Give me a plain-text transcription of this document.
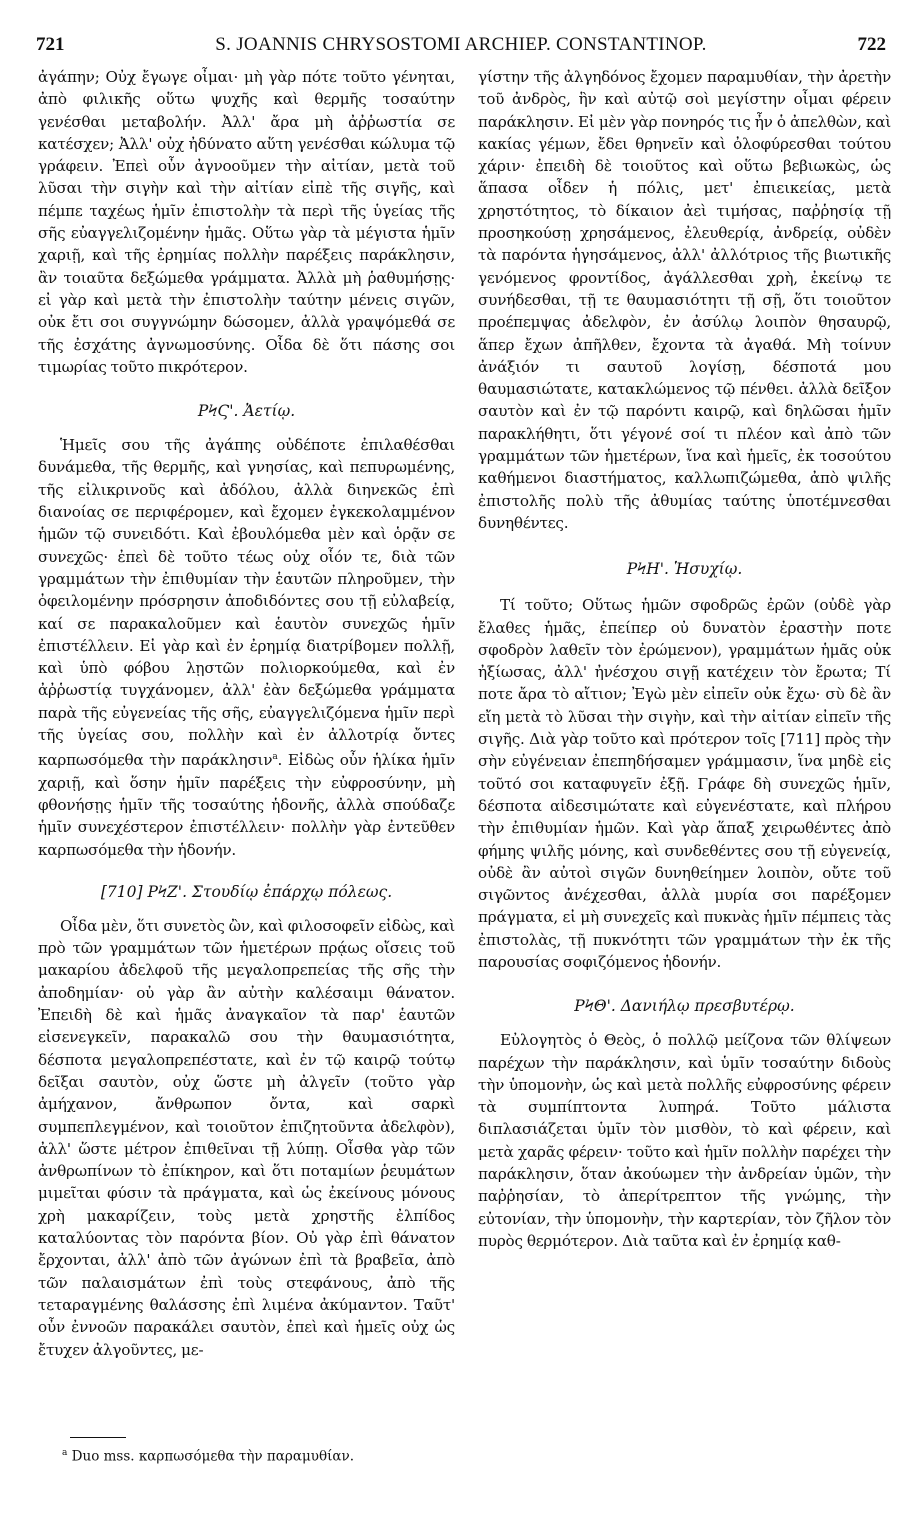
721	S. JOANNIS CHRYSOSTOMI ARCHIEP. CONSTANTINOP.	722

ἀγάπην; Οὐχ ἔγωγε οἶμαι· μὴ γὰρ πότε τοῦτο γένηται, ἀπὸ φιλικῆς οὕτω ψυχῆς καὶ θερμῆς τοσαύτην γενέσθαι μεταβολήν. Ἀλλ' ἄρα μὴ ἀῤῥωστία σε κατέσχεν; Ἀλλ' οὐχ ἠδύνατο αὕτη γενέσθαι κώλυμα τῷ γράφειν. Ἐπεὶ οὖν ἀγνοοῦμεν τὴν αἰτίαν, μετὰ τοῦ λῦσαι τὴν σιγὴν καὶ τὴν αἰτίαν εἰπὲ τῆς σιγῆς, καὶ πέμπε ταχέως ἡμῖν ἐπιστολὴν τὰ περὶ τῆς ὑγείας τῆς σῆς εὐαγγελιζομένην ἡμᾶς. Οὕτω γὰρ τὰ μέγιστα ἡμῖν χαριῇ, καὶ τῆς ἐρημίας πολλὴν παρέξεις παράκλησιν, ἂν τοιαῦτα δεξώμεθα γράμματα. Ἀλλὰ μὴ ῥαθυμήσῃς· εἰ γὰρ καὶ μετὰ τὴν ἐπιστολὴν ταύτην μένεις σιγῶν, οὐκ ἔτι σοι συγγνώμην δώσομεν, ἀλλὰ γραψόμεθά σε τῆς ἐσχάτης ἀγνωμοσύνης. Οἶδα δὲ ὅτι πάσης σοι τιμωρίας τοῦτο πικρότερον.

ΡϞϚ'. Ἀετίῳ.

Ἡμεῖς σου τῆς ἀγάπης οὐδέποτε ἐπιλαθέσθαι δυνάμεθα, τῆς θερμῆς, καὶ γνησίας, καὶ πεπυρωμένης, τῆς εἰλικρινοῦς καὶ ἀδόλου, ἀλλὰ διηνεκῶς ἐπὶ διανοίας σε περιφέρομεν, καὶ ἔχομεν ἐγκεκολαμμένον ἡμῶν τῷ συνειδότι. Καὶ ἐβουλόμεθα μὲν καὶ ὁρᾷν σε συνεχῶς· ἐπεὶ δὲ τοῦτο τέως οὐχ οἷόν τε, διὰ τῶν γραμμάτων τὴν ἐπιθυμίαν τὴν ἑαυτῶν πληροῦμεν, τὴν ὀφειλομένην πρόσρησιν ἀποδιδόντες σου τῇ εὐλαβείᾳ, καί σε παρακαλοῦμεν καὶ ἑαυτὸν συνεχῶς ἡμῖν ἐπιστέλλειν. Εἰ γὰρ καὶ ἐν ἐρημίᾳ διατρίβομεν πολλῇ, καὶ ὑπὸ φόβου λῃστῶν πολιορκούμεθα, καὶ ἐν ἀῤῥωστίᾳ τυγχάνομεν, ἀλλ' ἐὰν δεξώμεθα γράμματα παρὰ τῆς εὐγενείας τῆς σῆς, εὐαγγελιζόμενα ἡμῖν περὶ τῆς ὑγείας σου, πολλὴν καὶ ἐν ἀλλοτρίᾳ ὄντες καρπωσόμεθα τὴν παράκλησιν$^a$. Εἰδὼς οὖν ἡλίκα ἡμῖν χαριῇ, καὶ ὅσην ἡμῖν παρέξεις τὴν εὐφροσύνην, μὴ φθονήσῃς ἡμῖν τῆς τοσαύτης ἡδονῆς, ἀλλὰ σπούδαζε ἡμῖν συνεχέστερον ἐπιστέλλειν· πολλὴν γὰρ ἐντεῦθεν καρπωσόμεθα τὴν ἡδονήν.

[710] ΡϞΖ'. Στουδίῳ ἐπάρχῳ πόλεως.

Οἶδα μὲν, ὅτι συνετὸς ὢν, καὶ φιλοσοφεῖν εἰδὼς, καὶ πρὸ τῶν γραμμάτων τῶν ἡμετέρων πρᾴως οἴσεις τοῦ μακαρίου ἀδελφοῦ τῆς μεγαλοπρεπείας τῆς σῆς τὴν ἀποδημίαν· οὐ γὰρ ἂν αὐτὴν καλέσαιμι θάνατον. Ἐπειδὴ δὲ καὶ ἡμᾶς ἀναγκαῖον τὰ παρ' ἑαυτῶν εἰσενεγκεῖν, παρακαλῶ σου τὴν θαυμασιότητα, δέσποτα μεγαλοπρεπέστατε, καὶ ἐν τῷ καιρῷ τούτῳ δεῖξαι σαυτὸν, οὐχ ὥστε μὴ ἀλγεῖν (τοῦτο γὰρ ἀμήχανον, ἄνθρωπον ὄντα, καὶ σαρκὶ συμπεπλεγμένον, καὶ τοιοῦτον ἐπιζητοῦντα ἀδελφὸν), ἀλλ' ὥστε μέτρον ἐπιθεῖναι τῇ λύπῃ. Οἶσθα γὰρ τῶν ἀνθρωπίνων τὸ ἐπίκηρον, καὶ ὅτι ποταμίων ῥευμάτων μιμεῖται φύσιν τὰ πράγματα, καὶ ὡς ἐκείνους μόνους χρὴ μακαρίζειν, τοὺς μετὰ χρηστῆς ἐλπίδος καταλύοντας τὸν παρόντα βίον. Οὐ γὰρ ἐπὶ θάνατον ἔρχονται, ἀλλ' ἀπὸ τῶν ἀγώνων ἐπὶ τὰ βραβεῖα, ἀπὸ τῶν παλαισμάτων ἐπὶ τοὺς στεφάνους, ἀπὸ τῆς τεταραγμένης θαλάσσης ἐπὶ λιμένα ἀκύμαντον. Ταῦτ' οὖν ἐννοῶν παρακάλει σαυτὸν, ἐπεὶ καὶ ἡμεῖς οὐχ ὡς ἔτυχεν ἀλγοῦντες, με-

$^a$ Duo mss. καρπωσόμεθα τὴν παραμυθίαν.

γίστην τῆς ἀλγηδόνος ἔχομεν παραμυθίαν, τὴν ἀρετὴν τοῦ ἀνδρὸς, ἣν καὶ αὐτῷ σοὶ μεγίστην οἶμαι φέρειν παράκλησιν. Εἰ μὲν γὰρ πονηρός τις ἦν ὁ ἀπελθὼν, καὶ κακίας γέμων, ἔδει θρηνεῖν καὶ ὀλοφύρεσθαι τούτου χάριν· ἐπειδὴ δὲ τοιοῦτος καὶ οὕτω βεβιωκὼς, ὡς ἅπασα οἶδεν ἡ πόλις, μετ' ἐπιεικείας, μετὰ χρηστότητος, τὸ δίκαιον ἀεὶ τιμήσας, παῤῥησίᾳ τῇ προσηκούσῃ χρησάμενος, ἐλευθερίᾳ, ἀνδρείᾳ, οὐδὲν τὰ παρόντα ἡγησάμενος, ἀλλ' ἀλλότριος τῆς βιωτικῆς γενόμενος φροντίδος, ἀγάλλεσθαι χρὴ, ἐκείνῳ τε συνήδεσθαι, τῇ τε θαυμασιότητι τῇ σῇ, ὅτι τοιοῦτον προέπεμψας ἀδελφὸν, ἐν ἀσύλῳ λοιπὸν θησαυρῷ, ἅπερ ἔχων ἀπῆλθεν, ἔχοντα τὰ ἀγαθά. Μὴ τοίνυν ἀνάξιόν τι σαυτοῦ λογίσῃ, δέσποτά μου θαυμασιώτατε, κατακλώμενος τῷ πένθει. ἀλλὰ δεῖξον σαυτὸν καὶ ἐν τῷ παρόντι καιρῷ, καὶ δηλῶσαι ἡμῖν παρακλήθητι, ὅτι γέγονέ σοί τι πλέον καὶ ἀπὸ τῶν γραμμάτων τῶν ἡμετέρων, ἵνα καὶ ἡμεῖς, ἐκ τοσούτου καθήμενοι διαστήματος, καλλωπιζώμεθα, ἀπὸ ψιλῆς ἐπιστολῆς πολὺ τῆς ἀθυμίας ταύτης ὑποτέμνεσθαι δυνηθέντες.

ΡϞΗ'. Ἡσυχίῳ.

Τί τοῦτο; Οὕτως ἡμῶν σφοδρῶς ἐρῶν (οὐδὲ γὰρ ἔλαθες ἡμᾶς, ἐπείπερ οὐ δυνατὸν ἐραστὴν ποτε σφοδρὸν λαθεῖν τὸν ἐρώμενον), γραμμάτων ἡμᾶς οὐκ ἠξίωσας, ἀλλ' ἠνέσχου σιγῇ κατέχειν τὸν ἔρωτα; Τί ποτε ἄρα τὸ αἴτιον; Ἐγὼ μὲν εἰπεῖν οὐκ ἔχω· σὺ δὲ ἂν εἴη μετὰ τὸ λῦσαι τὴν σιγὴν, καὶ τὴν αἰτίαν εἰπεῖν τῆς σιγῆς. Διὰ γὰρ τοῦτο καὶ πρότερον τοῖς [711] πρὸς τὴν σὴν εὐγένειαν ἐπεπηδήσαμεν γράμμασιν, ἵνα μηδὲ εἰς τοῦτό σοι καταφυγεῖν ἐξῇ. Γράφε δὴ συνεχῶς ἡμῖν, δέσποτα αἰδεσιμώτατε καὶ εὐγενέστατε, καὶ πλήρου τὴν ἐπιθυμίαν ἡμῶν. Καὶ γὰρ ἅπαξ χειρωθέντες ἀπὸ φήμης ψιλῆς μόνης, καὶ συνδεθέντες σου τῇ εὐγενείᾳ, οὐδὲ ἂν αὐτοὶ σιγῶν δυνηθείημεν λοιπὸν, οὔτε τοῦ σιγῶντος ἀνέχεσθαι, ἀλλὰ μυρία σοι παρέξομεν πράγματα, εἰ μὴ συνεχεῖς καὶ πυκνὰς ἡμῖν πέμπεις τὰς ἐπιστολὰς, τῇ πυκνότητι τῶν γραμμάτων τὴν ἐκ τῆς παρουσίας σοφιζόμενος ἡδονήν.

ΡϞΘ'. Δανιήλῳ πρεσβυτέρῳ.

Εὐλογητὸς ὁ Θεὸς, ὁ πολλῷ μείζονα τῶν θλίψεων παρέχων τὴν παράκλησιν, καὶ ὑμῖν τοσαύτην διδοὺς τὴν ὑπομονὴν, ὡς καὶ μετὰ πολλῆς εὐφροσύνης φέρειν τὰ συμπίπτοντα λυπηρά. Τοῦτο μάλιστα διπλασιάζεται ὑμῖν τὸν μισθὸν, τὸ καὶ φέρειν, καὶ μετὰ χαρᾶς φέρειν· τοῦτο καὶ ἡμῖν πολλὴν παρέχει τὴν παράκλησιν, ὅταν ἀκούωμεν τὴν ἀνδρείαν ὑμῶν, τὴν παῤῥησίαν, τὸ ἀπερίτρεπτον τῆς γνώμης, τὴν εὐτονίαν, τὴν ὑπομονὴν, τὴν καρτερίαν, τὸν ζῆλον τὸν πυρὸς θερμότερον. Διὰ ταῦτα καὶ ἐν ἐρημίᾳ καθ-
